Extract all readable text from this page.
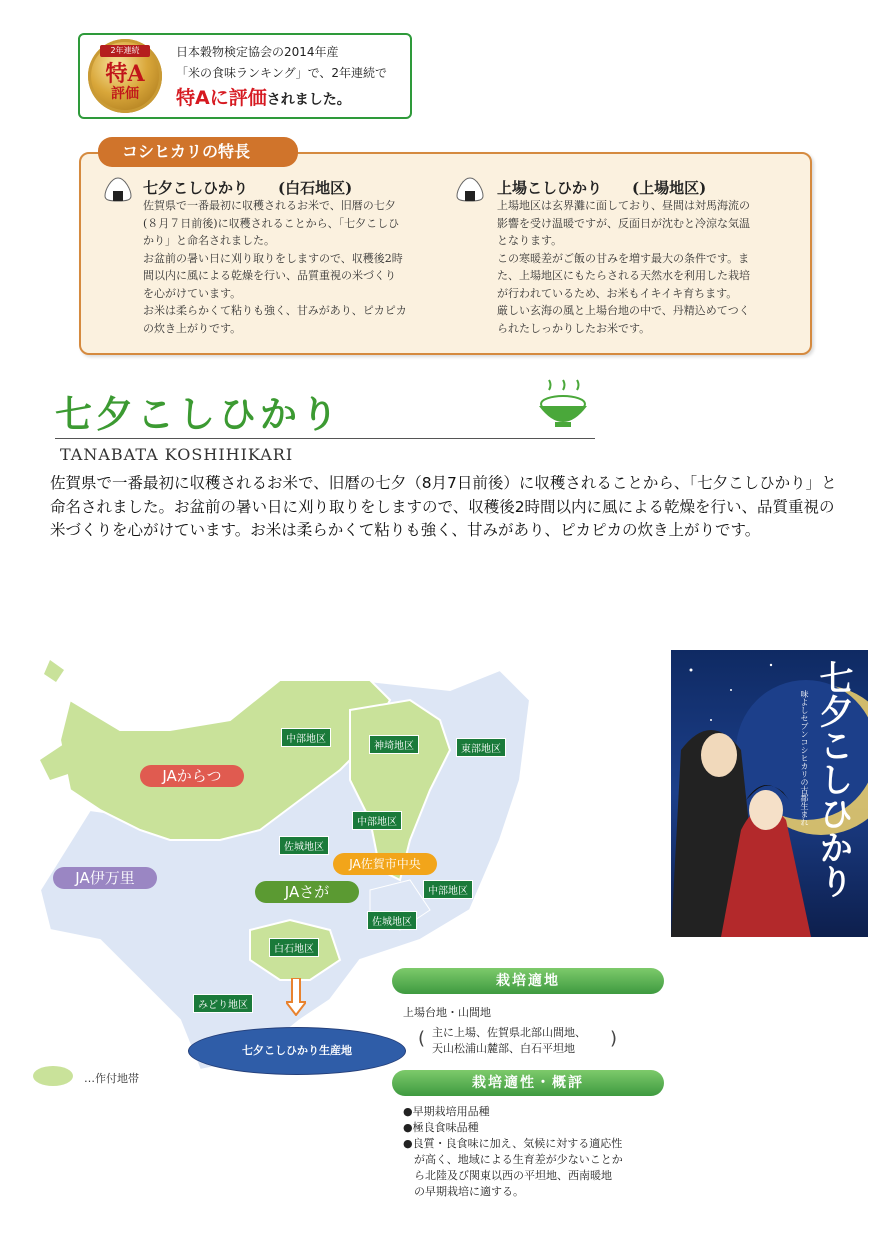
2年連続
特A
評価
日本穀物検定協会の2014年産
「米の食味ランキング」で、2年連続で
特Aに評価されました。
コシヒカリの特長
七夕こしひかり　　(白石地区)
佐賀県で一番最初に収穫されるお米で、旧暦の七夕
(８月７日前後)に収穫されることから、「七夕こしひ
かり」と命名されました。
お盆前の暑い日に刈り取りをしますので、収穫後2時
間以内に風による乾燥を行い、品質重視の米づくり
を心がけています。
お米は柔らかくて粘りも強く、甘みがあり、ピカピカ
の炊き上がりです。
上場こしひかり　　(上場地区)
上場地区は玄界灘に面しており、昼間は対馬海流の
影響を受け温暖ですが、反面日が沈むと冷涼な気温
となります。
この寒暖差がご飯の甘みを増す最大の条件です。ま
た、上場地区にもたらされる天然水を利用した栽培
が行われているため、お米もイキイキ育ちます。
厳しい玄海の風と上場台地の中で、丹精込めてつく
られたしっかりしたお米です。
七夕こしひかり
TANABATA KOSHIHIKARI
佐賀県で一番最初に収穫されるお米で、旧暦の七夕（8月7日前後）に収穫されることから、「七夕こしひかり」と命名されました。お盆前の暑い日に刈り取りをしますので、収穫後2時間以内に風による乾燥を行い、品質重視の米づくりを心がけています。お米は柔らかくて粘りも強く、甘みがあり、ピカピカの炊き上がりです。
JAからつ
JA伊万里
JAさが
JA佐賀市中央
中部地区
神埼地区	東部地区
中部地区
佐城地区
中部地区
佐城地区
白石地区
みどり地区
七夕こしひかり生産地
…作付地帯
栽培適地
上場台地・山間地
( 主に上場、佐賀県北部山間地、
天山松浦山麓部、白石平坦地 )
栽培適性・概評
●早期栽培用品種
●極良食味品種
●良質・良食味に加え、気候に対する適応性
が高く、地域による生育差が少ないことか
ら北陸及び関東以西の平坦地、西南暖地
の早期栽培に適する。
七夕こしひかり
味よしセブンコシヒカリの古都生まれ
